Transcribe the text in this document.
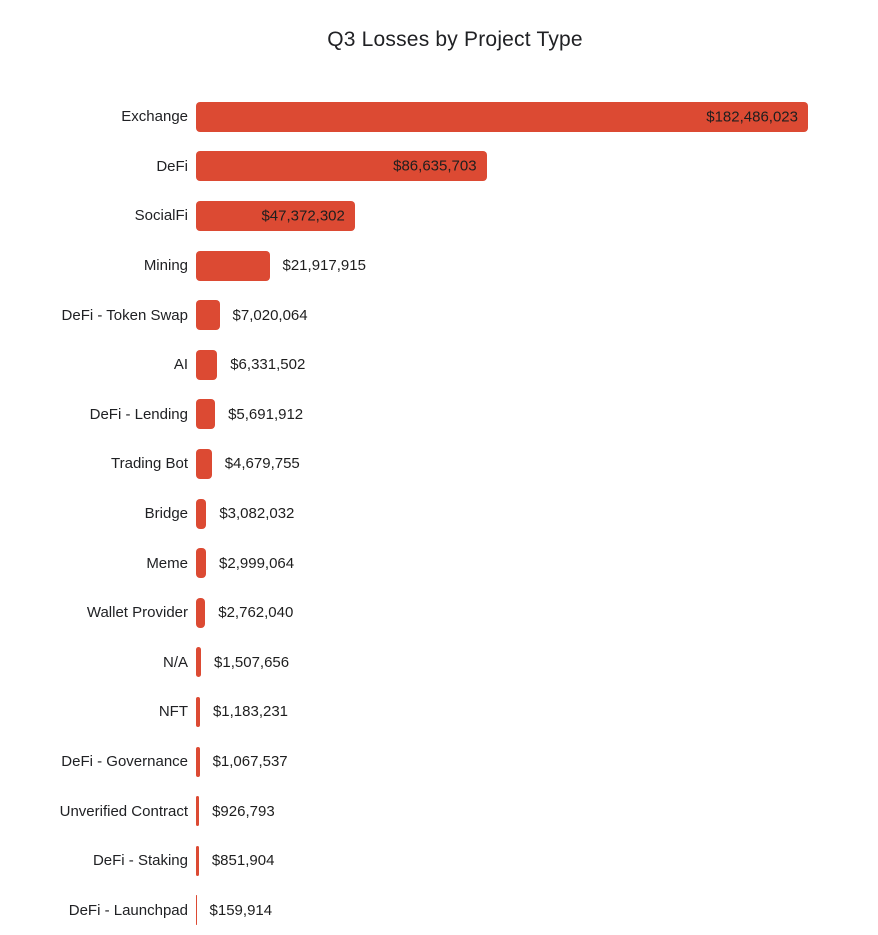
Q3 Losses by Project Type
Exchange	$182,486,023
DeFi	$86,635,703
SocialFi	$47,372,302
Mining	$21,917,915
DeFi - Token Swap	$7,020,064
AI	$6,331,502
DeFi - Lending	$5,691,912
Trading Bot $4,679,755
Bridge $3,082,032
Meme $2,999,064
Wallet Provider $2,762,040
N/A $1,507,656
NFT $1,183,231
DeFi - Governance $1,067,537
Unverified Contract $926,793
DeFi - Staking $851,904
DeFi - Launchpad $159,914
